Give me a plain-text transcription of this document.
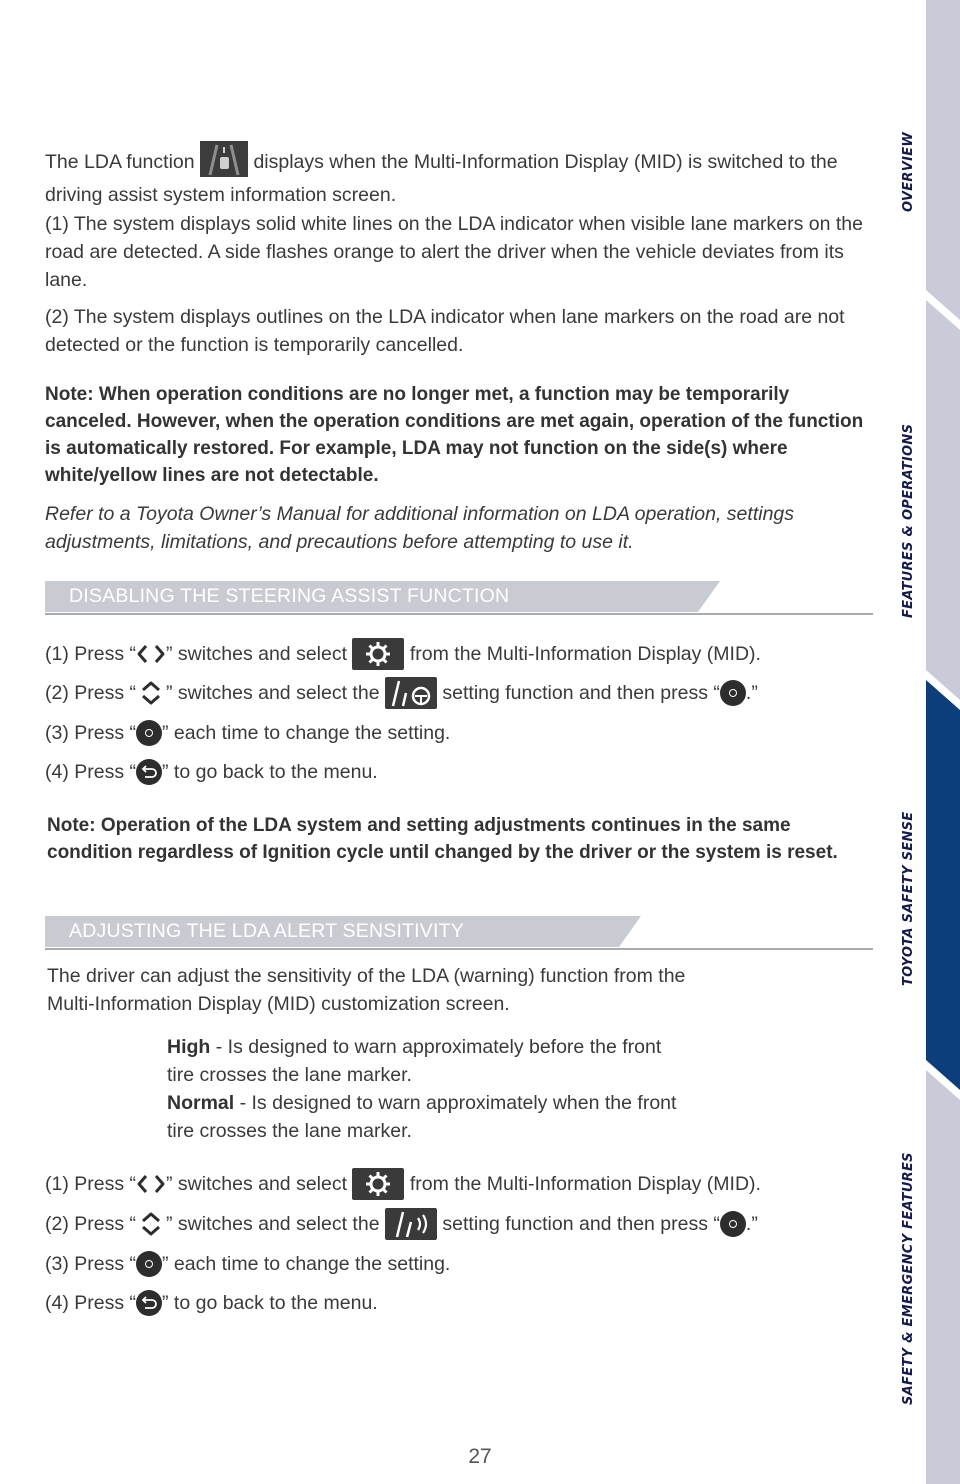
OVERVIEW
FEATURES & OPERATIONS
TOYOTA SAFETY SENSE
SAFETY & EMERGENCY FEATURES

The LDA function	displays when the Multi-Information Display (MID) is switched to the driving assist system information screen.

(1) The system displays solid white lines on the LDA indicator when visible lane markers on the road are detected. A side flashes orange to alert the driver when the vehicle deviates from its lane.

(2) The system displays outlines on the LDA indicator when lane markers on the road are not detected or the function is temporarily cancelled.

Note: When operation conditions are no longer met, a function may be temporarily canceled. However, when the operation conditions are met again, operation of the function is automatically restored. For example, LDA may not function on the side(s) where white/yellow lines are not detectable.

Refer to a Toyota Owner’s Manual for additional information on LDA operation, settings adjustments, limitations, and precautions before attempting to use it.

DISABLING THE STEERING ASSIST FUNCTION
(1) Press “ ” switches and select	from the Multi-Information Display (MID).
(2) Press “ ” switches and select the	setting function and then press “ .”
(3) Press “ ” each time to change the setting.
(4) Press “ ” to go back to the menu.

Note: Operation of the LDA system and setting adjustments continues in the same condition regardless of Ignition cycle until changed by the driver or the system is reset.

ADJUSTING THE LDA ALERT SENSITIVITY

The driver can adjust the sensitivity of the LDA (warning) function from the

Multi-Information Display (MID) customization screen.

High - Is designed to warn approximately before the front

tire crosses the lane marker.

Normal - Is designed to warn approximately when the front

tire crosses the lane marker.

(1) Press “ ” switches and select	from the Multi-Information Display (MID).
(2) Press “ ” switches and select the	setting function and then press “ .”
(3) Press “ ” each time to change the setting.
(4) Press “ ” to go back to the menu.
27
